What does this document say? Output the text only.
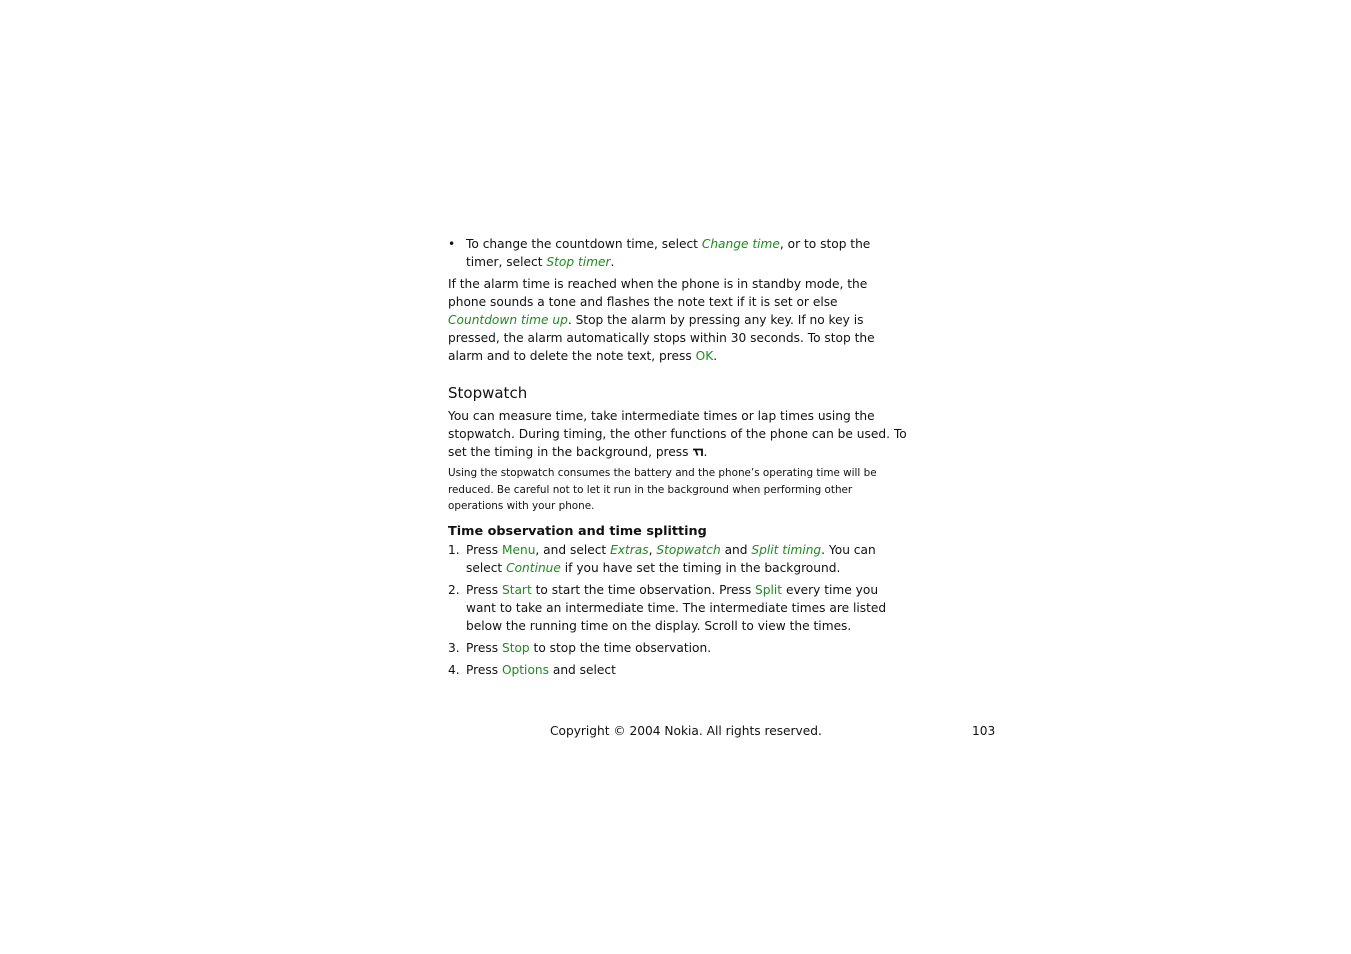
• To change the countdown time, select Change time, or to stop the timer, select Stop timer.

If the alarm time is reached when the phone is in standby mode, the phone sounds a tone and flashes the note text if it is set or else Countdown time up. Stop the alarm by pressing any key. If no key is pressed, the alarm automatically stops within 30 seconds. To stop the alarm and to delete the note text, press OK.

Stopwatch

You can measure time, take intermediate times or lap times using the stopwatch. During timing, the other functions of the phone can be used. To set the timing in the background, press .

Using the stopwatch consumes the battery and the phone’s operating time will be reduced. Be careful not to let it run in the background when performing other operations with your phone.

Time observation and time splitting
1. Press Menu, and select Extras, Stopwatch and Split timing. You can select Continue if you have set the timing in the background.
2. Press Start to start the time observation. Press Split every time you want to take an intermediate time. The intermediate times are listed below the running time on the display. Scroll to view the times.
3. Press Stop to stop the time observation.
4. Press Options and select
Copyright © 2004 Nokia. All rights reserved.	103
